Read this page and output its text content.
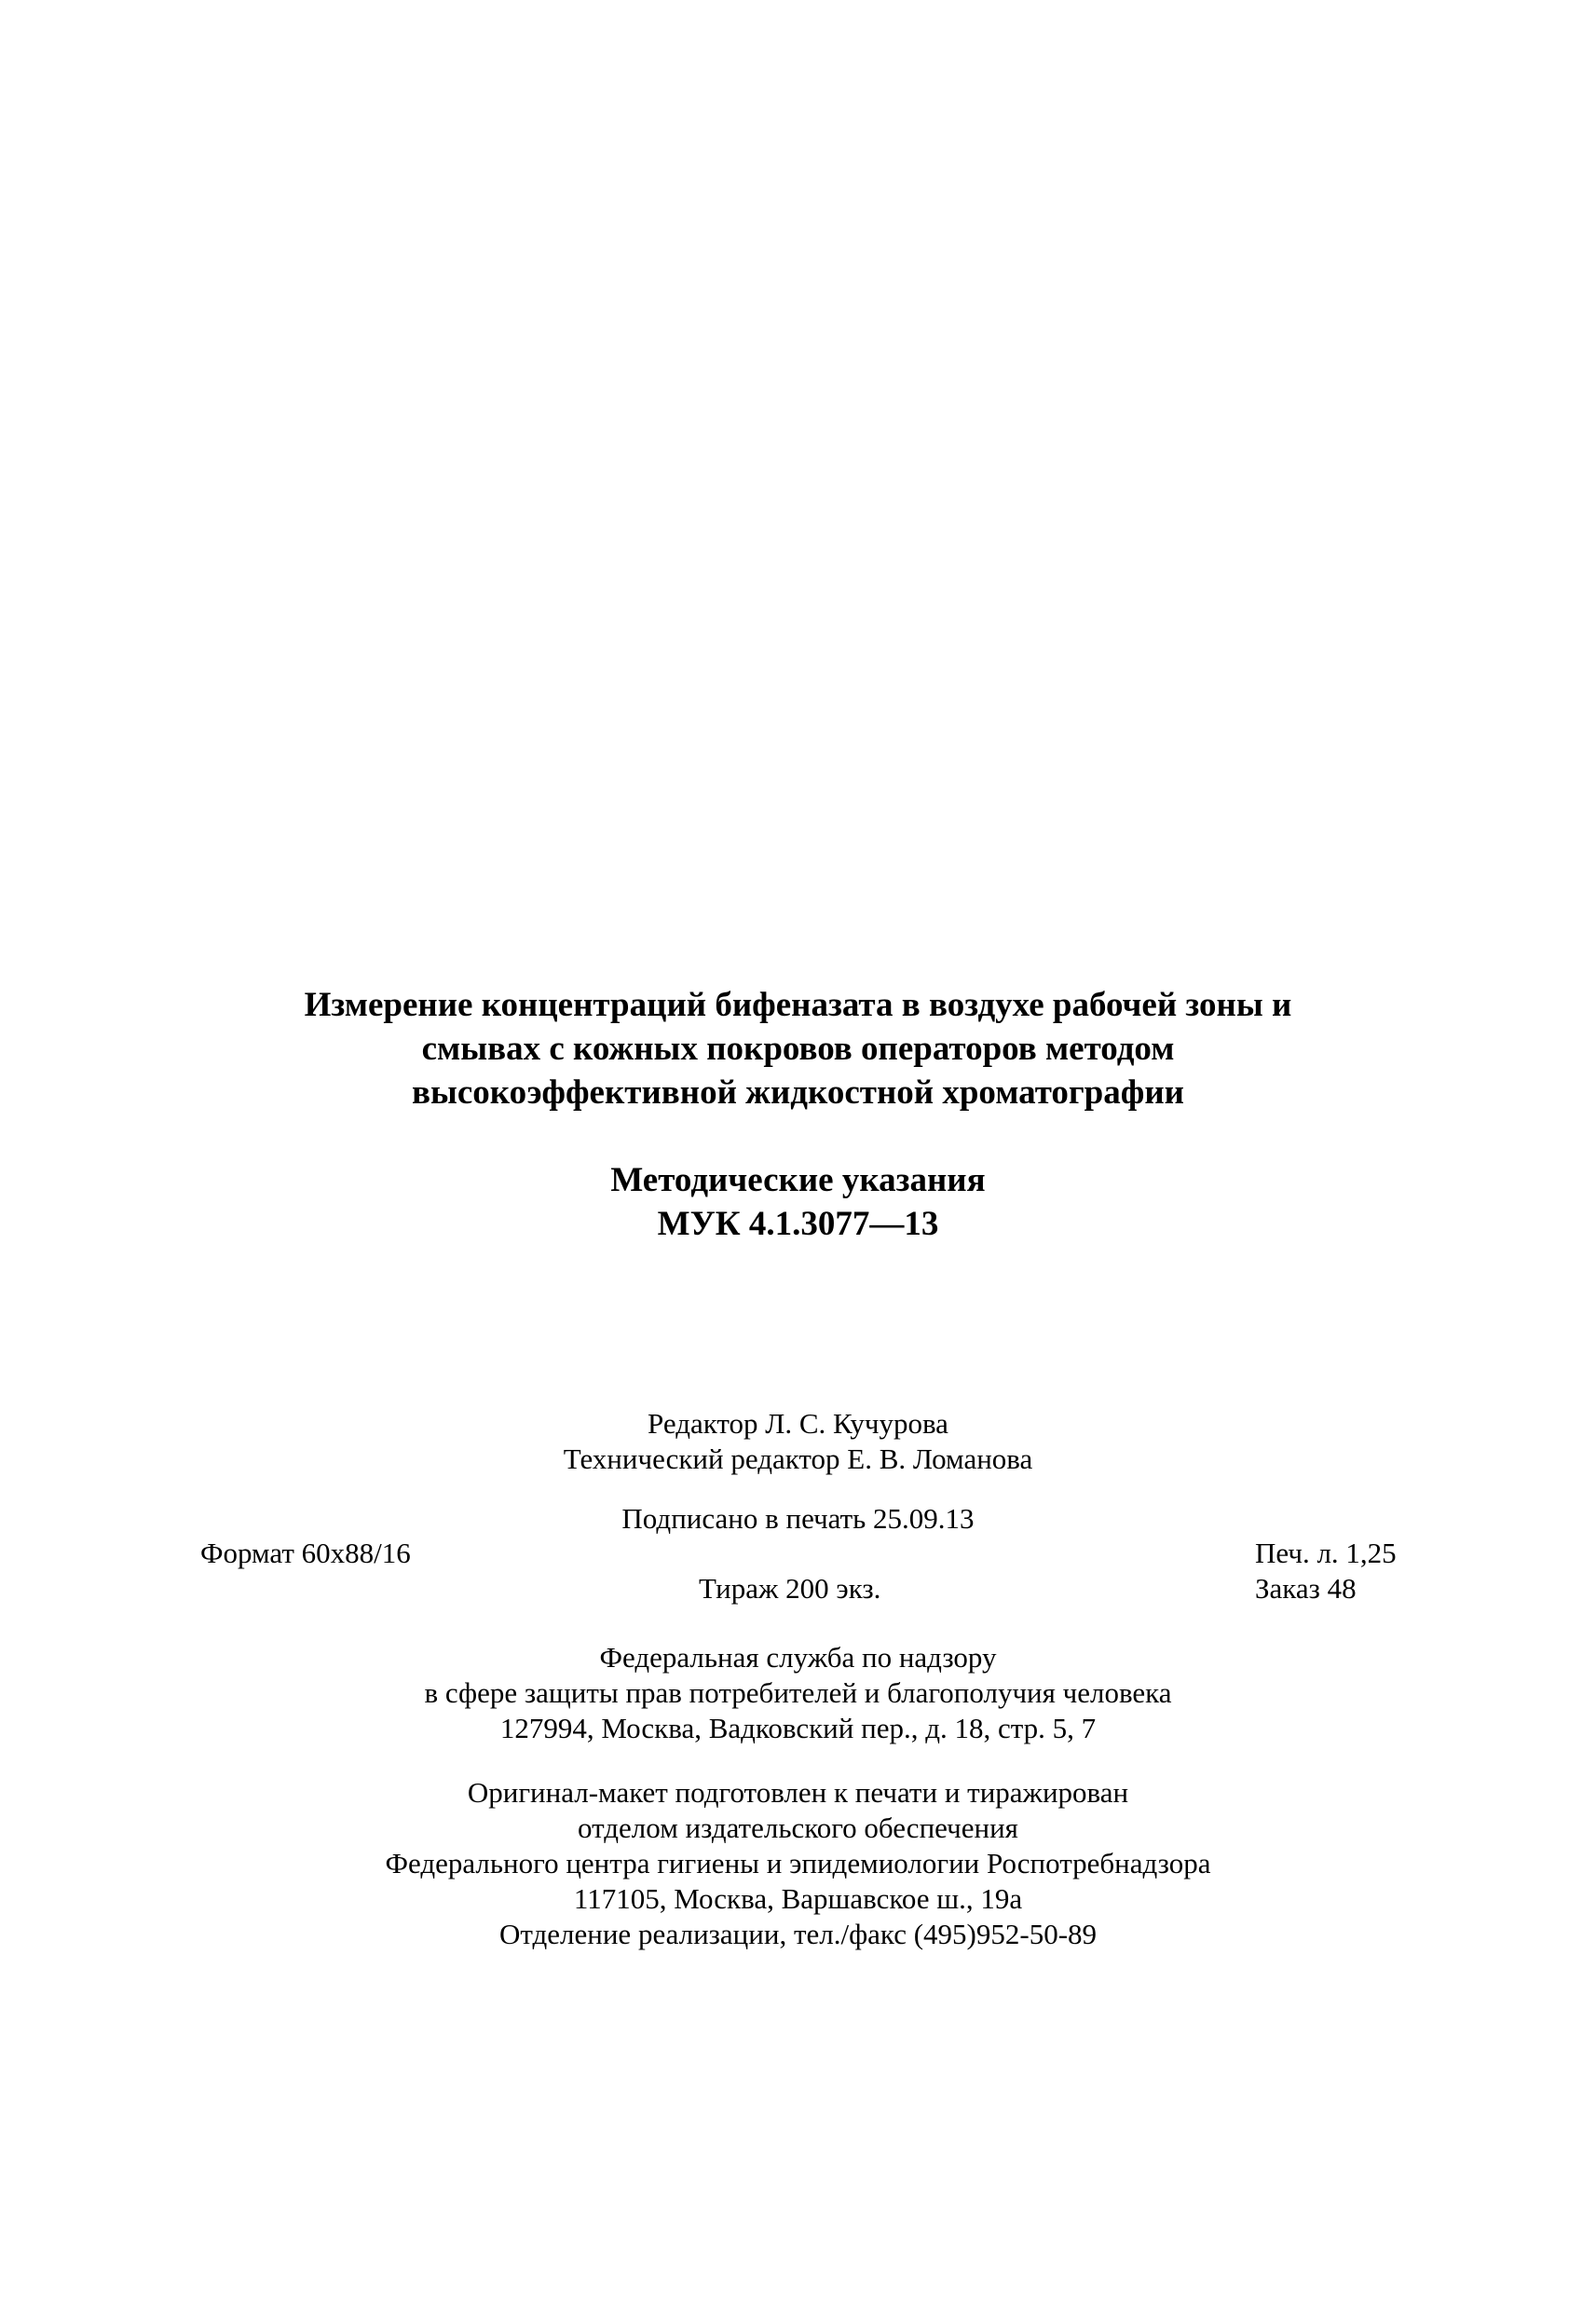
Измерение концентраций бифеназата в воздухе рабочей зоны и
смывах с кожных покровов операторов методом
высокоэффективной жидкостной хроматографии
Методические указания
МУК 4.1.3077—13
Редактор Л. С. Кучурова
Технический редактор Е. В. Ломанова
Подписано в печать 25.09.13
Формат 60x88/16	Печ. л. 1,25
Тираж 200 экз.	Заказ 48
Федеральная служба по надзору
в сфере защиты прав потребителей и благополучия человека
127994, Москва, Вадковский пер., д. 18, стр. 5, 7
Оригинал-макет подготовлен к печати и тиражирован
отделом издательского обеспечения
Федерального центра гигиены и эпидемиологии Роспотребнадзора
117105, Москва, Варшавское ш., 19а
Отделение реализации, тел./факс (495)952-50-89
